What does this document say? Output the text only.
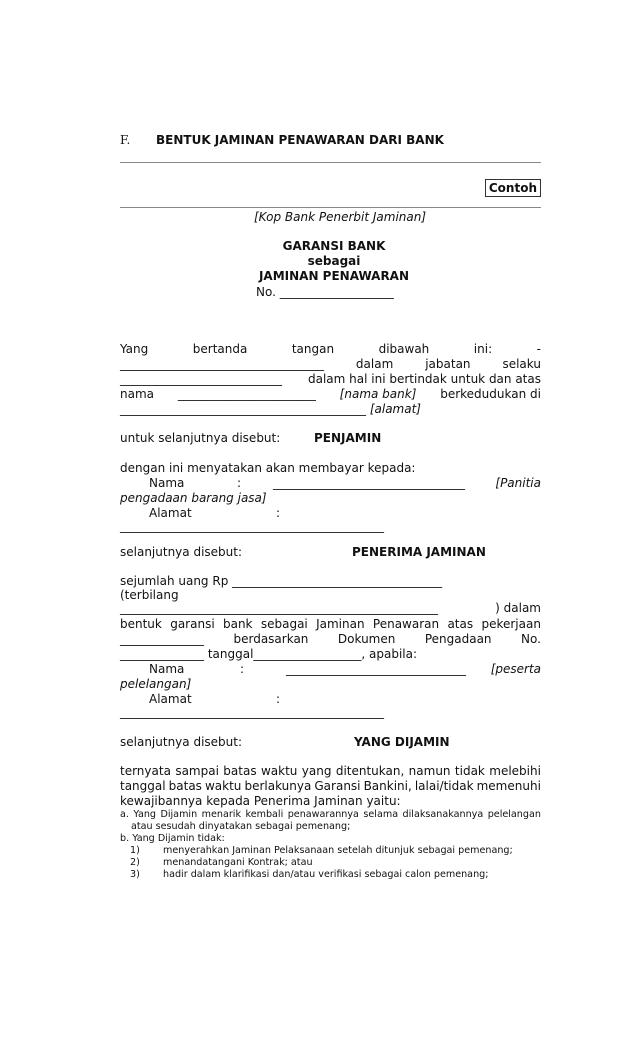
F. BENTUK JAMINAN PENAWARAN DARI BANK
Contoh
[Kop Bank Penerbit Jaminan]
GARANSI BANK
sebagai
JAMINAN PENAWARAN
No. ___________________
Yang	bertanda	tangan	dibawah	ini:	-
__________________________________	dalam	jabatan	selaku
___________________________ dalam hal ini bertindak untuk dan atas
nama _______________________ [nama bank] berkedudukan di
_________________________________________ [alamat]
untuk selanjutnya disebut:	PENJAMIN
dengan ini menyatakan akan membayar kepada:
Nama	:	________________________________	[Panitia
pengadaan barang jasa]
Alamat	:
____________________________________________
selanjutnya disebut:	PENERIMA JAMINAN
sejumlah uang Rp ___________________________________
(terbilang
_____________________________________________________	) dalam
bentuk garansi bank sebagai Jaminan Penawaran atas pekerjaan
______________ berdasarkan Dokumen Pengadaan No.
______________ tanggal__________________, apabila:
Nama	:	______________________________ [peserta
pelelangan]
Alamat	:
____________________________________________
selanjutnya disebut:	YANG DIJAMIN
ternyata sampai batas waktu yang ditentukan, namun tidak melebihi
tanggal batas waktu berlakunya Garansi Bankini, lalai/tidak memenuhi
kewajibannya kepada Penerima Jaminan yaitu:
a. Yang Dijamin menarik kembali penawarannya selama dilaksanakannya pelelangan
atau sesudah dinyatakan sebagai pemenang;
b. Yang Dijamin tidak:
1) menyerahkan Jaminan Pelaksanaan setelah ditunjuk sebagai pemenang;
2) menandatangani Kontrak; atau
3) hadir dalam klarifikasi dan/atau verifikasi sebagai calon pemenang;
